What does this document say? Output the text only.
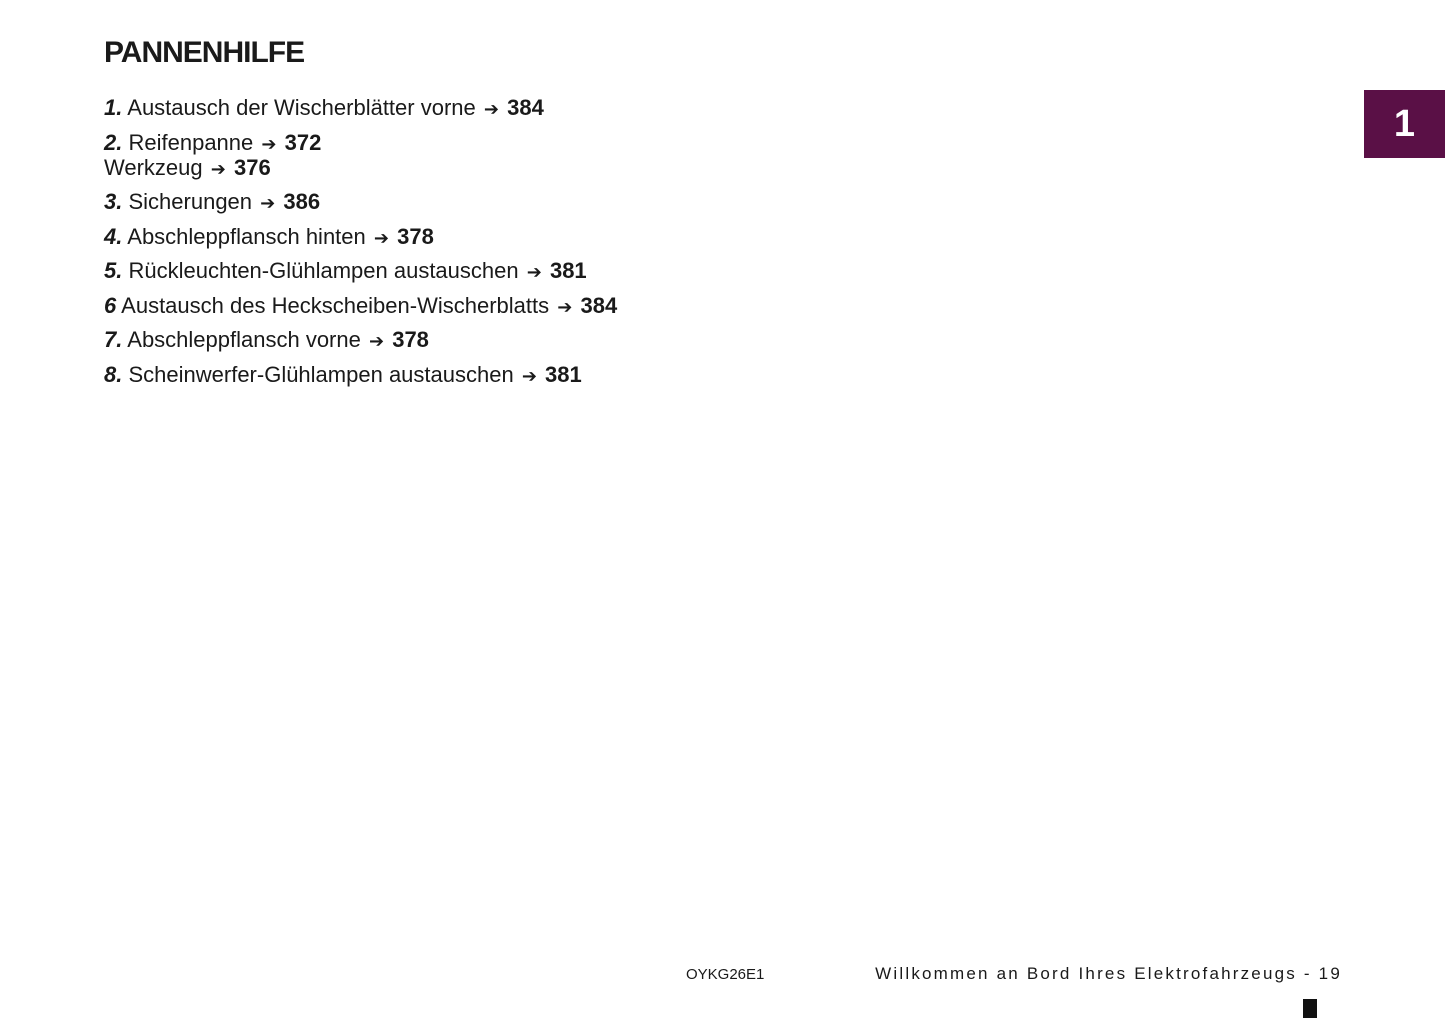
PANNENHILFE
1. Austausch der Wischerblätter vorne ➔ 384
2. Reifenpanne ➔ 372
Werkzeug ➔ 376
3. Sicherungen ➔ 386
4. Abschleppflansch hinten ➔ 378
5. Rückleuchten-Glühlampen austauschen ➔ 381
6 Austausch des Heckscheiben-Wischerblatts ➔ 384
7. Abschleppflansch vorne ➔ 378
8. Scheinwerfer-Glühlampen austauschen ➔ 381
1
OYKG26E1	Willkommen an Bord Ihres Elektrofahrzeugs - 19
